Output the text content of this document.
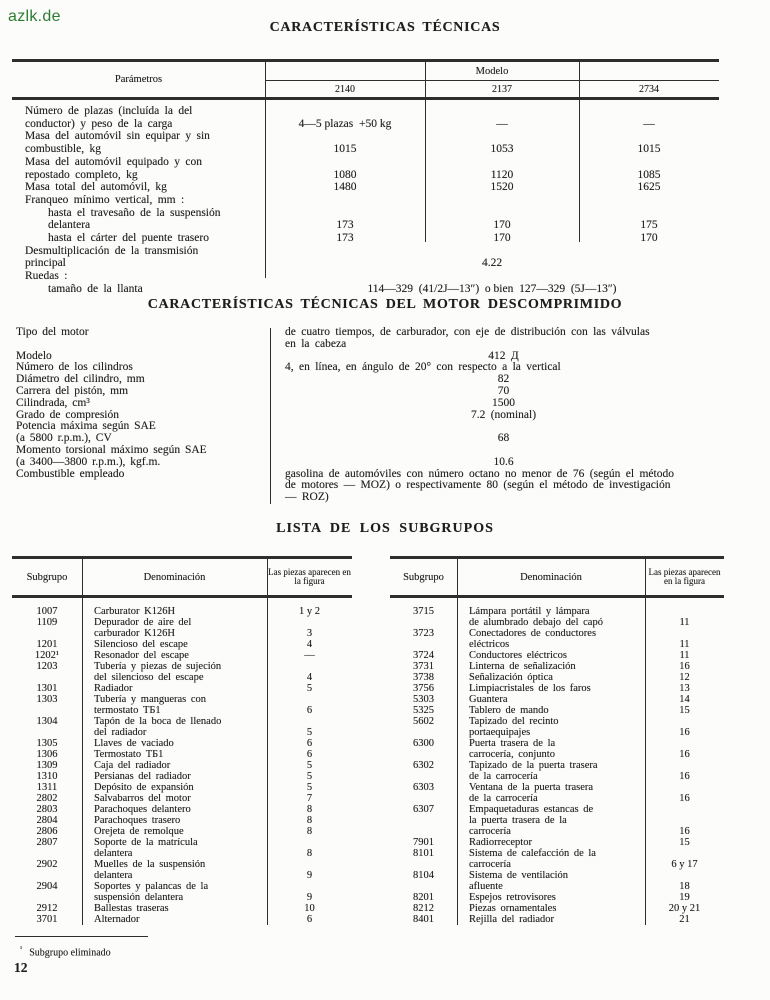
azlk.de
CARACTERÍSTICAS TÉCNICAS
Parámetros
Modelo
2140	2137	2734
Número de plazas (incluída la del
conductor) y peso de la carga	4—5 plazas  +50 kg	—	—
Masa del automóvil sin equipar y sin
combustible, kg	1015	1053	1015
Masa del automóvil equipado y con
repostado completo, kg	1080	1120	1085
Masa total del automóvil, kg	1480	1520	1625
Franqueo mínimo vertical, mm :
hasta el travesaño de la suspensión
delantera	173	170	175
hasta el cárter del puente trasero	173	170	170
Desmultiplicación de la transmisión
principal	4.22
Ruedas :
tamaño de la llanta	114—329  (41/2J—13″)  o bien  127—329  (5J—13″)
CARACTERÍSTICAS TÉCNICAS DEL MOTOR DESCOMPRIMIDO
Tipo del motor	de cuatro tiempos, de carburador, con eje de distribución con las válvulas

en la cabeza
Modelo	412 Д
Número de los cilindros	4, en línea, en ángulo de 20° con respecto a la vertical
Diámetro del cilindro, mm	82
Carrera del pistón, mm	70
Cilindrada, cm³	1500
Grado de compresión	7.2 (nominal)
Potencia máxima según SAE

(a 5800 r.p.m.), CV	68
Momento torsional máximo según SAE

(a 3400—3800 r.p.m.), kgf.m.	10.6
Combustible empleado	gasolina de automóviles con número octano no menor de 76 (según el método

de motores — MOZ) o respectivamente 80 (según el método de investigación

— ROZ)
LISTA DE LOS SUBGRUPOS
Subgrupo	Denominación	Las piezas aparecen en la figura
1007	Carburator K126H	1 y 2
1109	Depurador de aire del
carburador K126H	3
1201	Silencioso del escape	4
1202¹	Resonador del escape	—
1203	Tubería y piezas de sujeción
del silencioso del escape	4
1301	Radiador	5
1303	Tubería y mangueras con
termostato ТБ1	6
1304	Tapón de la boca de llenado
del radiador	5
1305	Llaves de vaciado	6
1306	Termostato ТБ1	6
1309	Caja del radiador	5
1310	Persianas del radiador	5
1311	Depósito de expansión	5
2802	Salvabarros del motor	7
2803	Parachoques delantero	8
2804	Parachoques trasero	8
2806	Orejeta de remolque	8
2807	Soporte de la matrícula
delantera	8
2902	Muelles de la suspensión
delantera	9
2904	Soportes y palancas de la
suspensión delantera	9
2912	Ballestas traseras	10
3701	Alternador	6
Subgrupo	Denominación	Las piezas aparecen en la figura
3715	Lámpara portátil y lámpara
de alumbrado debajo del capó	11
3723	Conectadores de conductores
eléctricos	11
3724	Conductores eléctricos	11
3731	Linterna de señalización	16
3738	Señalización óptica	12
3756	Limpiacristales de los faros	13
5303	Guantera	14
5325	Tablero de mando	15
5602	Tapizado del recinto
portaequipajes	16
6300	Puerta trasera de la
carrocería, conjunto	16
6302	Tapizado de la puerta trasera
de la carrocería	16
6303	Ventana de la puerta trasera
de la carrocería	16
6307	Empaquetaduras estancas de
la puerta trasera de la
carrocería	16
7901	Radiorreceptor	15
8101	Sistema de calefacción de la
carrocería	6 y 17
8104	Sistema de ventilación
afluente	18
8201	Espejos retrovisores	19
8212	Piezas ornamentales	20 y 21
8401	Rejilla del radiador	21
$^{^1}$ Subgrupo eliminado
12
